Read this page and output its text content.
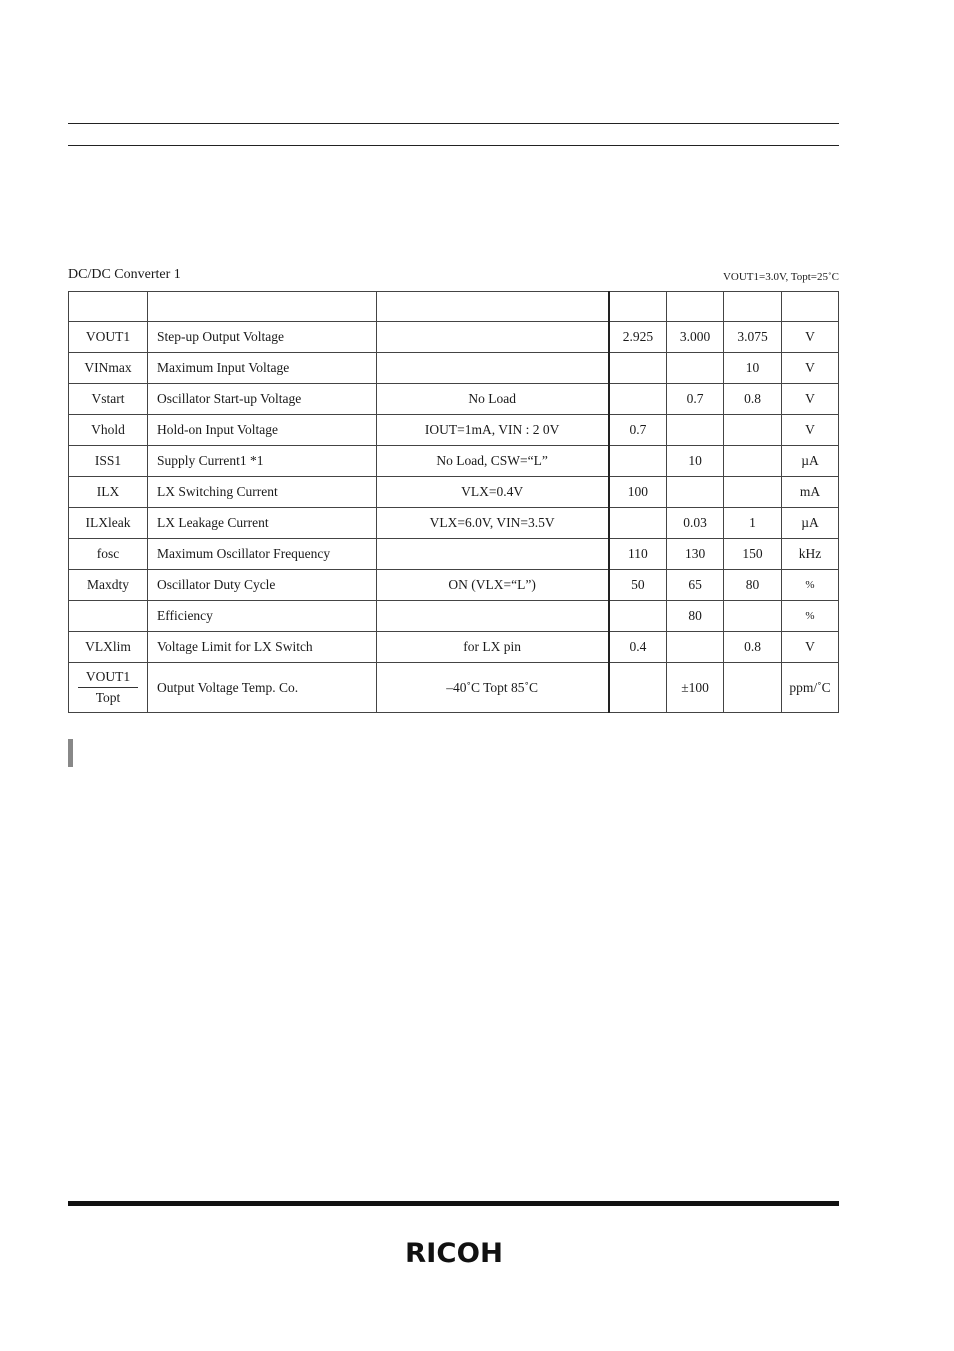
DC/DC Converter 1	VOUT1=3.0V, Topt=25˚C

VOUT1	Step-up Output Voltage		2.925	3.000	3.075	V
VINmax	Maximum Input Voltage				10	V
Vstart	Oscillator Start-up Voltage	No Load		0.7	0.8	V
Vhold	Hold-on Input Voltage	IOUT=1mA, VIN : 2 0V	0.7			V
ISS1	Supply Current1 *1	No Load, CSW=“L”		10		µA
ILX	LX Switching Current	VLX=0.4V	100			mA
ILXleak	LX Leakage Current	VLX=6.0V, VIN=3.5V		0.03	1	µA
fosc	Maximum Oscillator Frequency		110	130	150	kHz
Maxdty	Oscillator Duty Cycle	ON (VLX=“L”)	50	65	80	%
	Efficiency			80		%
VLXlim	Voltage Limit for LX Switch	for LX pin	0.4		0.8	V

$\frac{\text{VOUT1}}{\text{Topt}}$	Output Voltage Temp. Co.	–40˚C Topt 85˚C		±100		ppm/˚C
RICOH
